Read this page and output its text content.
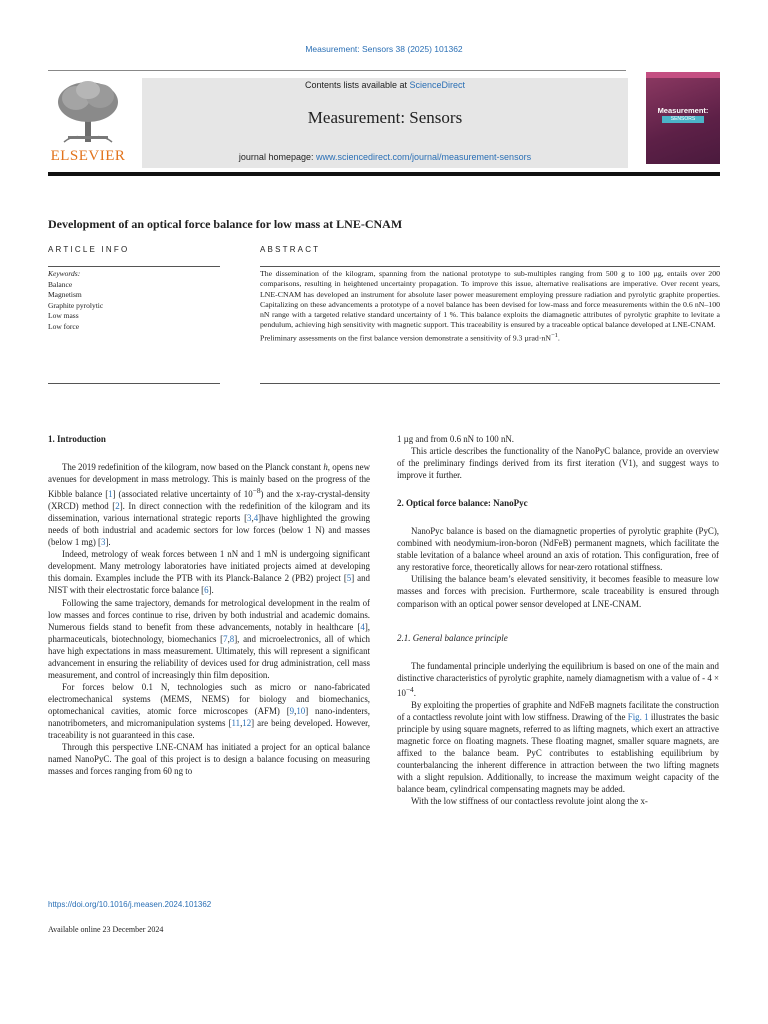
Measurement: Sensors 38 (2025) 101362
ELSEVIER
Contents lists available at ScienceDirect
Measurement: Sensors
journal homepage: www.sciencedirect.com/journal/measurement-sensors
Measurement:
SENSORS
Development of an optical force balance for low mass at LNE-CNAM
ARTICLE INFO	ABSTRACT
Keywords:
Balance
Magnetism
Graphite pyrolytic
Low mass
Low force
The dissemination of the kilogram, spanning from the national prototype to sub-multiples ranging from 500 g to 100 µg, entails over 200 comparisons, resulting in heightened uncertainty propagation. To improve this issue, alternative realisations are imperative. Over recent years, LNE-CNAM has developed an instrument for absolute laser power measurement employing pressure radiation and pyrolytic graphite properties. Capitalizing on these advancements a prototype of a novel balance has been devised for low-mass and force measurements within the 0.6 nN–100 nN range with a targeted relative standard uncertainty of 1 %. This balance exploits the diamagnetic attributes of pyrolytic graphite to levitate a pendulum, achieving high sensitivity with magnetic support. This traceability is ensured by a traceable optical balance developed at LNE-CNAM.
Preliminary assessments on the first balance version demonstrate a sensitivity of 9.3 $\mu rad\cdot nN^{-1}$.
1. Introduction

The 2019 redefinition of the kilogram, now based on the Planck constant h, opens new avenues for development in mass metrology. This is mainly based on the progress of the Kibble balance [1] (associated relative uncertainty of $10^{-8}$) and the x-ray-crystal-density (XRCD) method [2]. In direct connection with the redefinition of the kilogram and its dissemination, various international strategic reports [3,4]have highlighted the growing needs of both industrial and academic sectors for low forces (below 1 N) and masses (below 1 mg) [3].

Indeed, metrology of weak forces between 1 nN and 1 mN is undergoing significant development. Many metrology laboratories have initiated projects aimed at developing this domain. Examples include the PTB with its Planck-Balance 2 (PB2) project [5] and NIST with their electrostatic force balance [6].

Following the same trajectory, demands for metrological development in the realm of low masses and forces continue to rise, driven by both industrial and academic domains. Numerous fields stand to benefit from these advancements, notably in healthcare [4], pharmaceuticals, biotechnology, biomechanics [7,8], and microelectronics, all of which have high expectations in mass measurement. Ultimately, this will represent a significant advancement in ensuring the reliability of devices used for drug administration, cell mass measurement, and control of increasingly thin film deposition.

For forces below 0.1 N, technologies such as micro or nano-fabricated electromechanical systems (MEMS, NEMS) for biology and biomechanics, optomechanical cavities, atomic force microscopes (AFM) [9,10] nano-indenters, nanotribometers, and micromanipulation systems [11,12] are being developed. However, traceability is not guaranteed in this case.

Through this perspective LNE-CNAM has initiated a project for an optical balance named NanoPyC. The goal of this project is to design a balance focusing on measuring masses and forces ranging from 60 ng to

1 µg and from 0.6 nN to 100 nN.

This article describes the functionality of the NanoPyC balance, provide an overview of the preliminary findings derived from its first iteration (V1), and suggest ways to improve it further.

2. Optical force balance: NanoPyc

NanoPyc balance is based on the diamagnetic properties of pyrolytic graphite (PyC), combined with neodymium-iron-boron (NdFeB) permanent magnets, which facilitate the stable levitation of a balance wheel around an axis of rotation. This configuration, free of any restorative force, theoretically allows for near-zero rotational stiffness.

Utilising the balance beam’s elevated sensitivity, it becomes feasible to measure low masses and forces with precision. Furthermore, scale traceability is ensured through comparison with an optical power sensor developed at LNE-CNAM.

2.1. General balance principle

The fundamental principle underlying the equilibrium is based on one of the main and distinctive characteristics of pyrolytic graphite, namely diamagnetism with a value of - $4 \times 10^{-4}$.

By exploiting the properties of graphite and NdFeB magnets facilitate the construction of a contactless revolute joint with low stiffness. Drawing of the Fig. 1 illustrates the basic principle by using square magnets, referred to as lifting magnets, which exert an attractive magnetic force on floating magnets. These floating magnet, smaller square magnets, are affixed to the balance beam. PyC contributes to establishing equilibrium by counterbalancing the inherent difference in attraction between the two lifting magnets with a slight repulsion. Additionally, to increase the maximum weight capacity of the balance beam, cylindrical compensating magnets may be added.

With the low stiffness of our contactless revolute joint along the x-

https://doi.org/10.1016/j.measen.2024.101362
Available online 23 December 2024
